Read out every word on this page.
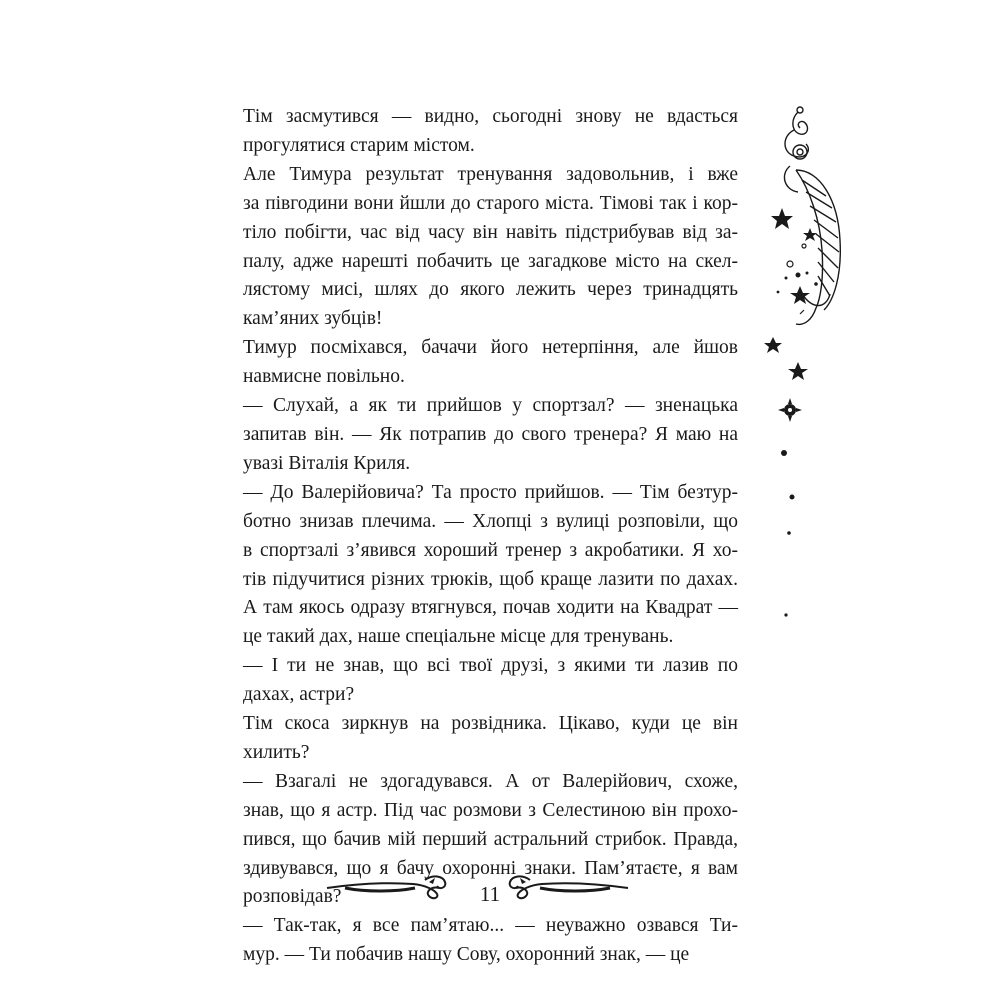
Тім засмутився — видно, сьогодні знову не вдасться
прогулятися старим містом.
Але Тимура результат тренування задовольнив, і вже
за півгодини вони йшли до старого міста. Тімові так і кор-
тіло побігти, час від часу він навіть підстрибував від за-
палу, адже нарешті побачить це загадкове місто на скел-
лястому мисі, шлях до якого лежить через тринадцять
кам’яних зубців!
Тимур посміхався, бачачи його нетерпіння, але йшов
навмисне повільно.
— Слухай, а як ти прийшов у спортзал? — зненацька
запитав він. — Як потрапив до свого тренера? Я маю на
увазі Віталія Криля.
— До Валерійовича? Та просто прийшов. — Тім безтур-
ботно знизав плечима. — Хлопці з вулиці розповіли, що
в спортзалі з’явився хороший тренер з акробатики. Я хо-
тів підучитися різних трюків, щоб краще лазити по дахах.
А там якось одразу втягнувся, почав ходити на Квадрат —
це такий дах, наше спеціальне місце для тренувань.
— І ти не знав, що всі твої друзі, з якими ти лазив по
дахах, астри?
Тім скоса зиркнув на розвідника. Цікаво, куди це він
хилить?
— Взагалі не здогадувався. А от Валерійович, схоже,
знав, що я астр. Під час розмови з Селестиною він прохо-
пився, що бачив мій перший астральний стрибок. Правда,
здивувався, що я бачу охоронні знаки. Пам’ятаєте, я вам
розповідав?
— Так-так, я все пам’ятаю... — неуважно озвався Ти-
мур. — Ти побачив нашу Сову, охоронний знак, — це
11
